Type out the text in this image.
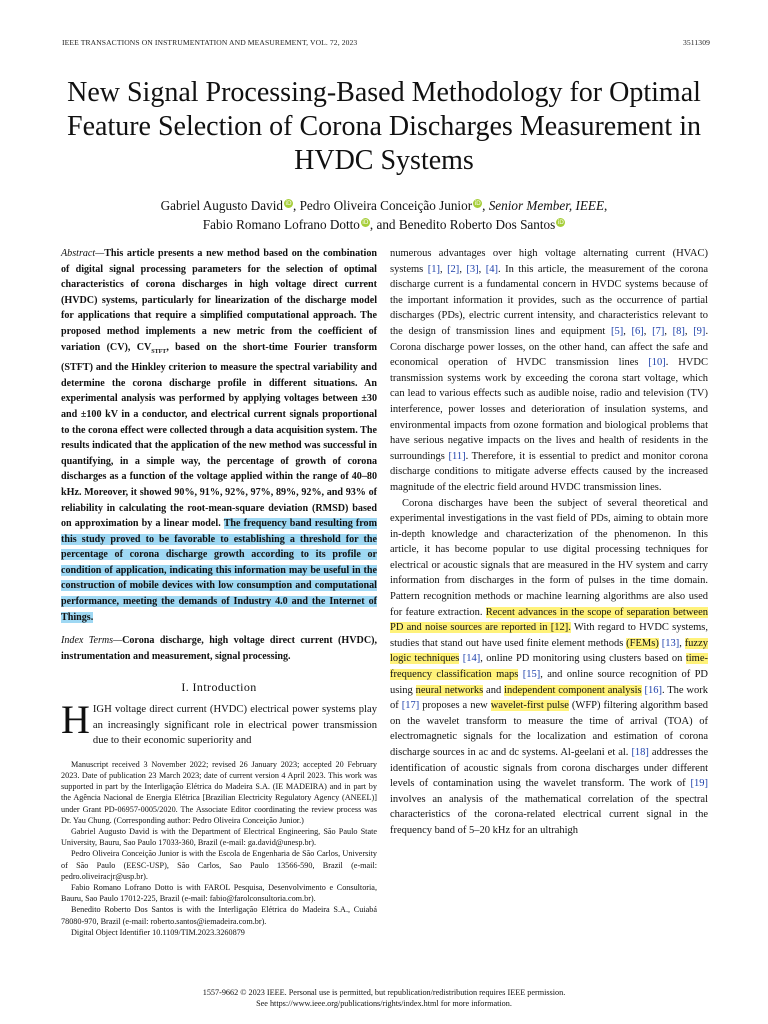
IEEE TRANSACTIONS ON INSTRUMENTATION AND MEASUREMENT, VOL. 72, 2023	3511309
New Signal Processing-Based Methodology for Optimal Feature Selection of Corona Discharges Measurement in HVDC Systems
Gabriel Augusto David iD, Pedro Oliveira Conceição Junior iD, Senior Member, IEEE,
Fabio Romano Lofrano Dotto iD, and Benedito Roberto Dos Santos iD
Abstract—This article presents a new method based on the combination of digital signal processing parameters for the selection of optimal characteristics of corona discharges in high voltage direct current (HVDC) systems, particularly for linearization of the discharge model for applications that require a simplified computational approach. The proposed method implements a new metric from the coefficient of variation (CV), $CV_{STFT}$, based on the short-time Fourier transform (STFT) and the Hinkley criterion to measure the spectral variability and determine the corona discharge profile in different situations. An experimental analysis was performed by applying voltages between ±30 and ±100 kV in a conductor, and electrical current signals proportional to the corona effect were collected through a data acquisition system. The results indicated that the application of the new method was successful in quantifying, in a simple way, the percentage of growth of corona discharges as a function of the voltage applied within the range of 40–80 kHz. Moreover, it showed 90%, 91%, 92%, 97%, 89%, 92%, and 93% of reliability in calculating the root-mean-square deviation (RMSD) based on approximation by a linear model. The frequency band resulting from this study proved to be favorable to establishing a threshold for the percentage of corona discharge growth according to its profile or condition of application, indicating this information may be useful in the construction of mobile devices with low consumption and computational performance, meeting the demands of Industry 4.0 and the Internet of Things.
Index Terms—Corona discharge, high voltage direct current (HVDC), instrumentation and measurement, signal processing.
I. Introduction
HIGH voltage direct current (HVDC) electrical power systems play an increasingly significant role in electrical power transmission due to their economic superiority and

Manuscript received 3 November 2022; revised 26 January 2023; accepted 20 February 2023. Date of publication 23 March 2023; date of current version 4 April 2023. This work was supported in part by the Interligação Elétrica do Madeira S.A. (IE MADEIRA) and in part by the Agência Nacional de Energia Elétrica [Brazilian Electricity Regulatory Agency (ANEEL)] under Grant PD-06957-0005/2020. The Associate Editor coordinating the review process was Dr. Yau Chung. (Corresponding author: Pedro Oliveira Conceição Junior.)

Gabriel Augusto David is with the Department of Electrical Engineering, São Paulo State University, Bauru, Sao Paulo 17033-360, Brazil (e-mail: ga.david@unesp.br).

Pedro Oliveira Conceição Junior is with the Escola de Engenharia de São Carlos, University of São Paulo (EESC-USP), São Carlos, Sao Paulo 13566-590, Brazil (e-mail: pedro.oliveiracjr@usp.br).

Fabio Romano Lofrano Dotto is with FAROL Pesquisa, Desenvolvimento e Consultoria, Bauru, Sao Paulo 17012-225, Brazil (e-mail: fabio@farolconsultoria.com.br).

Benedito Roberto Dos Santos is with the Interligação Elétrica do Madeira S.A., Cuiabá 78080-970, Brazil (e-mail: roberto.santos@iemadeira.com.br).

Digital Object Identifier 10.1109/TIM.2023.3260879

numerous advantages over high voltage alternating current (HVAC) systems [1], [2], [3], [4]. In this article, the measurement of the corona discharge current is a fundamental concern in HVDC systems because of the important information it provides, such as the occurrence of partial discharges (PDs), electric current intensity, and characteristics relevant to the design of transmission lines and equipment [5], [6], [7], [8], [9]. Corona discharge power losses, on the other hand, can affect the safe and economical operation of HVDC transmission lines [10]. HVDC transmission systems work by exceeding the corona start voltage, which can lead to various effects such as audible noise, radio and television (TV) interference, power losses and deterioration of insulation systems, and environmental impacts from ozone formation and biological problems that have serious negative impacts on the lives and health of residents in the surroundings [11]. Therefore, it is essential to predict and monitor corona discharge conditions to mitigate adverse effects caused by the increased magnitude of the electric field around HVDC transmission lines.

Corona discharges have been the subject of several theoretical and experimental investigations in the vast field of PDs, aiming to obtain more in-depth knowledge and characterization of the phenomenon. In this article, it has become popular to use digital processing techniques for electrical or acoustic signals that are measured in the HV system and carry information from discharges in the form of pulses in the time domain. Pattern recognition methods or machine learning algorithms are also used for feature extraction. Recent advances in the scope of separation between PD and noise sources are reported in [12]. With regard to HVDC systems, studies that stand out have used finite element methods (FEMs) [13], fuzzy logic techniques [14], online PD monitoring using clusters based on time-frequency classification maps [15], and online source recognition of PD using neural networks and independent component analysis [16]. The work of [17] proposes a new wavelet-first pulse (WFP) filtering algorithm based on the wavelet transform to measure the time of arrival (TOA) of electromagnetic signals for the localization and estimation of corona discharge sources in ac and dc systems. Al-geelani et al. [18] addresses the identification of acoustic signals from corona discharges under different levels of contamination using the wavelet transform. The work of [19] involves an analysis of the mathematical correlation of the spectral characteristics of the corona-related electrical current signal in the frequency band of 5–20 kHz for an ultrahigh

1557-9662 © 2023 IEEE. Personal use is permitted, but republication/redistribution requires IEEE permission.
See https://www.ieee.org/publications/rights/index.html for more information.
